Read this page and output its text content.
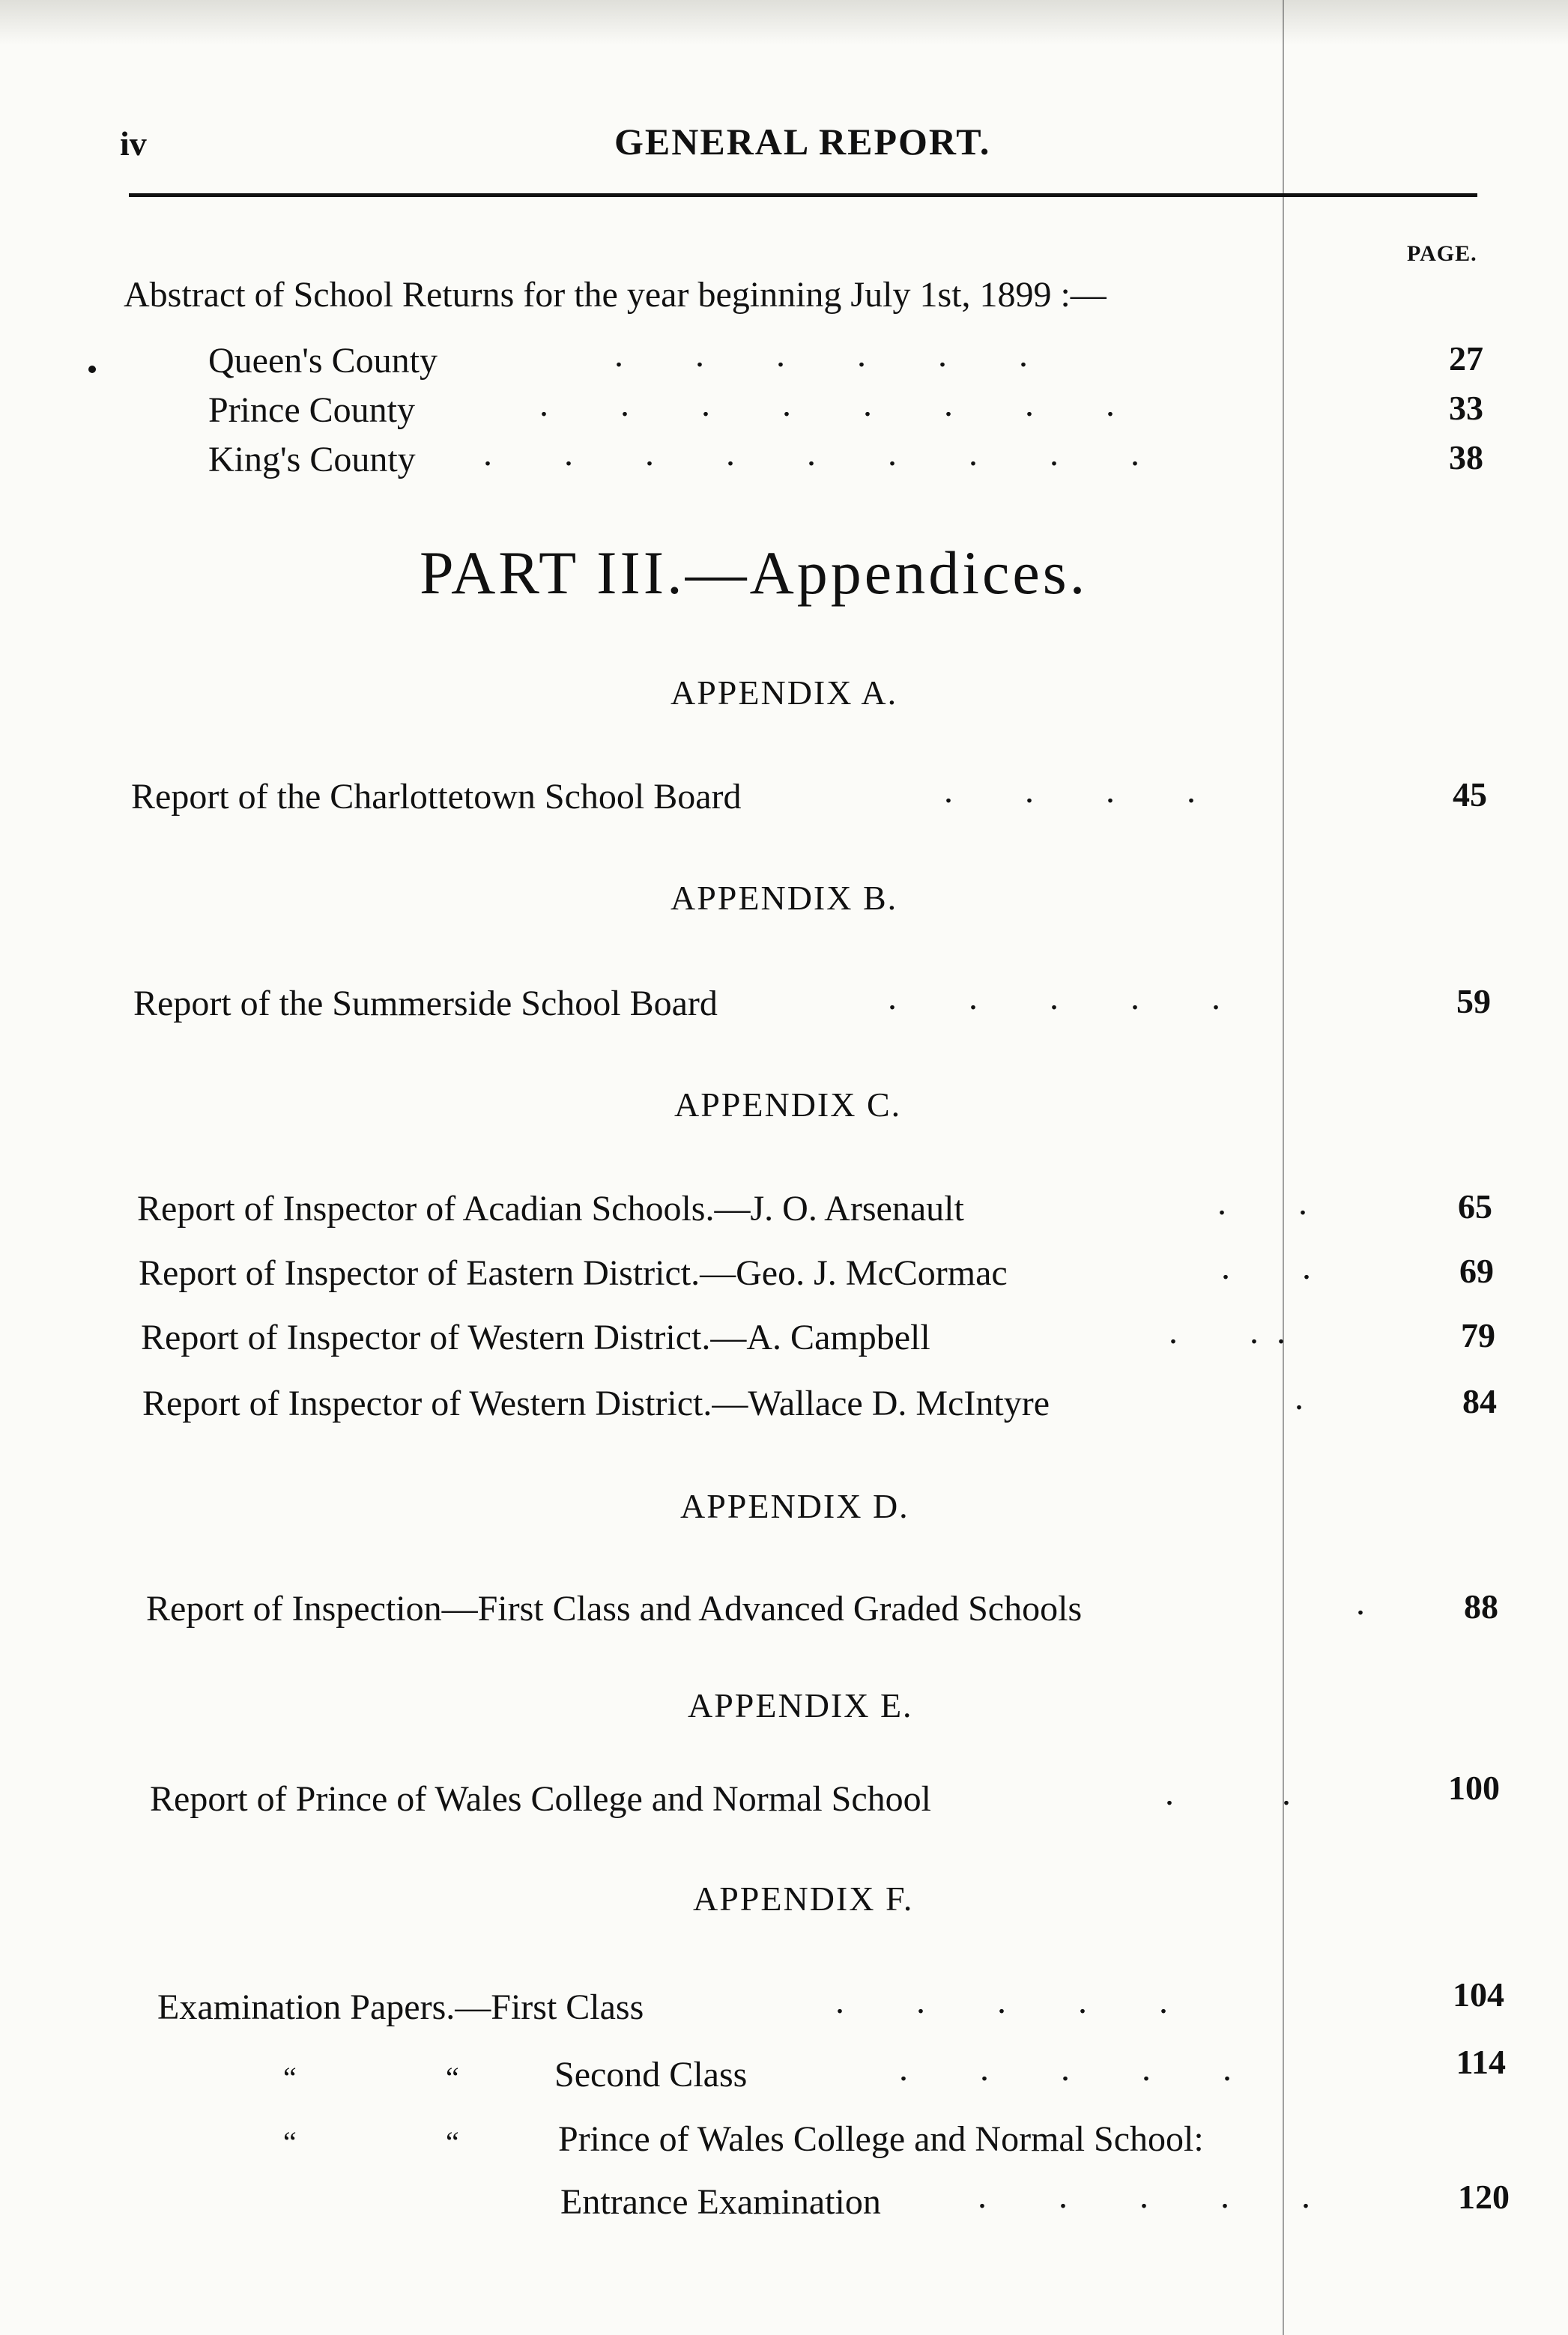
iv	GENERAL REPORT.
PAGE.
Abstract of School Returns for the year beginning July 1st, 1899 :—
Queen's County	.        .        .        .        .        .	27
Prince County	.        .        .        .        .        .        .        .	33
King's County .        .        .        .        .        .        .        .        .	38
PART III.—Appendices.
APPENDIX A.
Report of the Charlottetown School Board	.        .        .        .	45
APPENDIX B.
Report of the Summerside School Board	.        .        .        .        .	59
APPENDIX C.
Report of Inspector of Acadian Schools.—J. O. Arsenault	.        .	65
Report of Inspector of Eastern District.—Geo. J. McCormac	.        .	69
Report of Inspector of Western District.—A. Campbell	.        .  .	79
Report of Inspector of Western District.—Wallace D. McIntyre	.	84
APPENDIX D.
Report of Inspection—First Class and Advanced Graded Schools	.	88
APPENDIX E.
Report of Prince of Wales College and Normal School	.            .	100
APPENDIX F.
Examination Papers.—First Class	.        .        .        .        .	104
“	“	Second Class	.        .        .        .        .	114
“	“	Prince of Wales College and Normal School:
Entrance Examination	.        .        .        .        .	120
